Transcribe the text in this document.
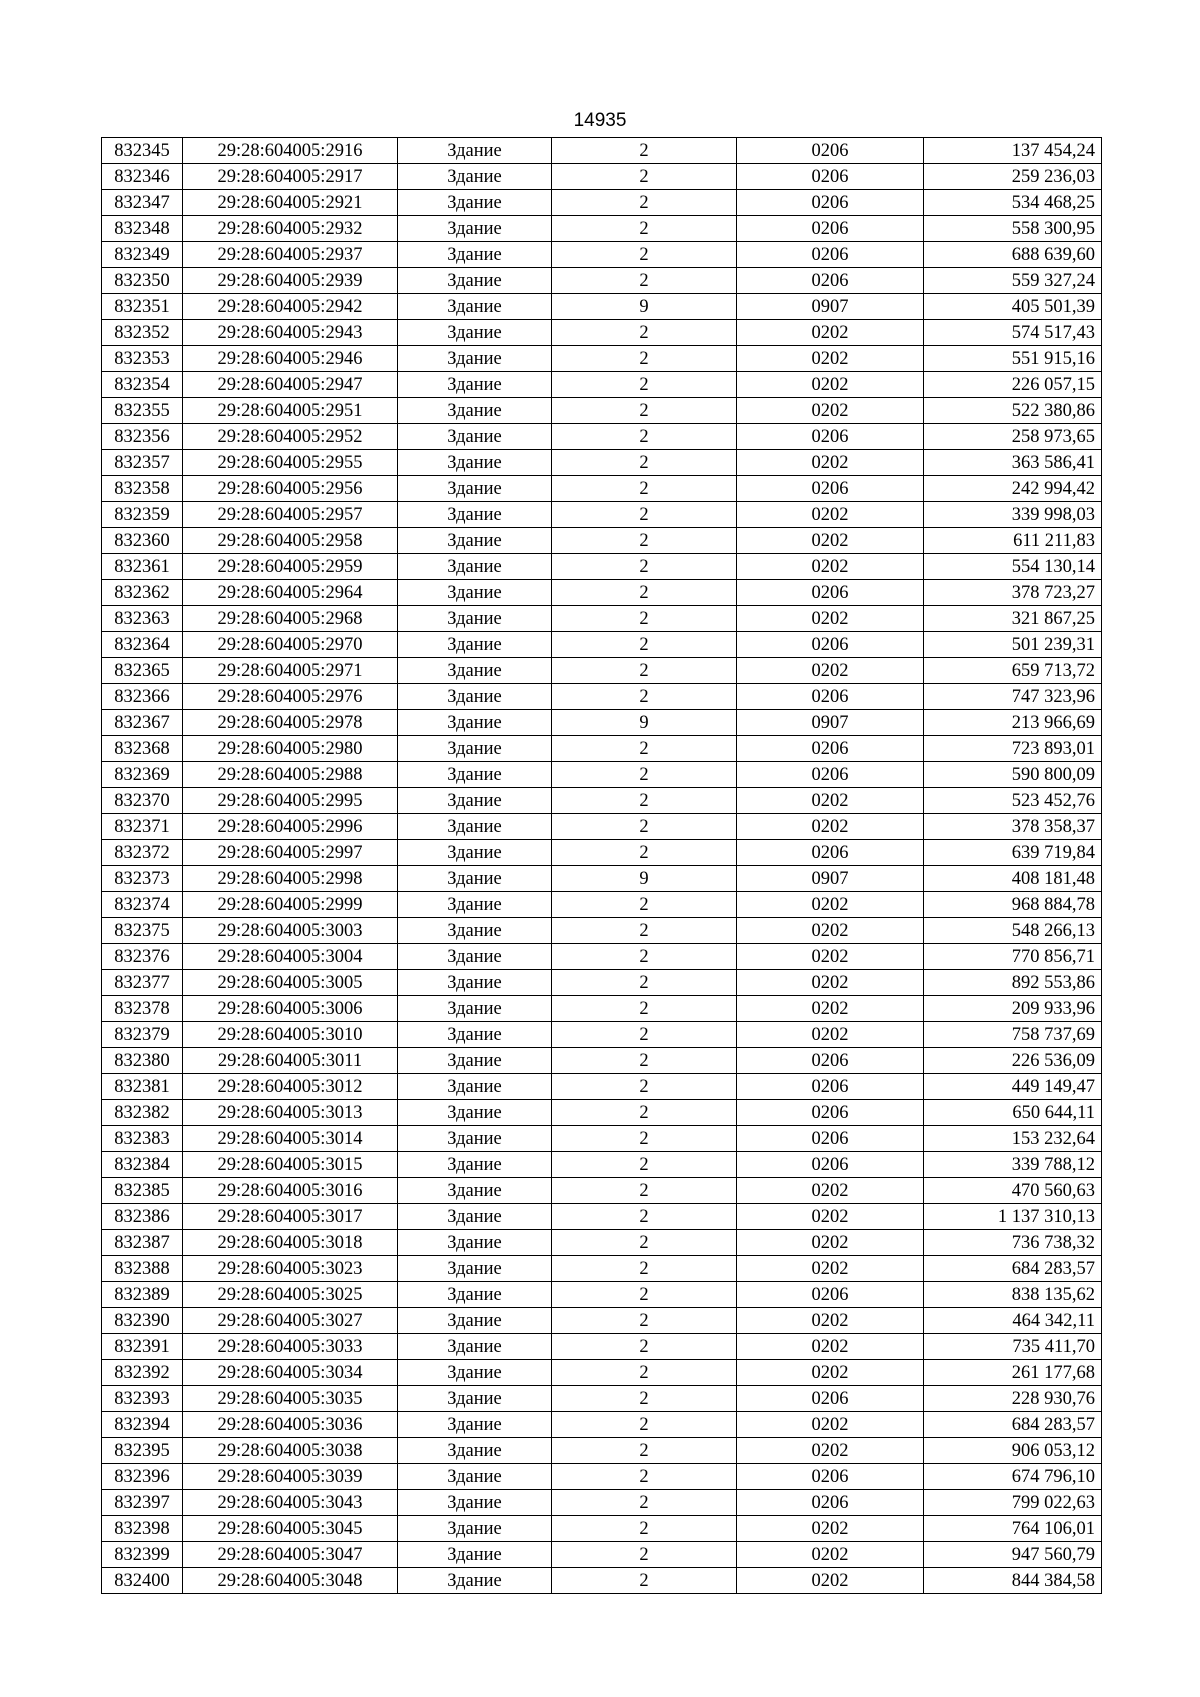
14935
832345	29:28:604005:2916	Здание	2	0206	137 454,24
832346	29:28:604005:2917	Здание	2	0206	259 236,03
832347	29:28:604005:2921	Здание	2	0206	534 468,25
832348	29:28:604005:2932	Здание	2	0206	558 300,95
832349	29:28:604005:2937	Здание	2	0206	688 639,60
832350	29:28:604005:2939	Здание	2	0206	559 327,24
832351	29:28:604005:2942	Здание	9	0907	405 501,39
832352	29:28:604005:2943	Здание	2	0202	574 517,43
832353	29:28:604005:2946	Здание	2	0202	551 915,16
832354	29:28:604005:2947	Здание	2	0202	226 057,15
832355	29:28:604005:2951	Здание	2	0202	522 380,86
832356	29:28:604005:2952	Здание	2	0206	258 973,65
832357	29:28:604005:2955	Здание	2	0202	363 586,41
832358	29:28:604005:2956	Здание	2	0206	242 994,42
832359	29:28:604005:2957	Здание	2	0202	339 998,03
832360	29:28:604005:2958	Здание	2	0202	611 211,83
832361	29:28:604005:2959	Здание	2	0202	554 130,14
832362	29:28:604005:2964	Здание	2	0206	378 723,27
832363	29:28:604005:2968	Здание	2	0202	321 867,25
832364	29:28:604005:2970	Здание	2	0206	501 239,31
832365	29:28:604005:2971	Здание	2	0202	659 713,72
832366	29:28:604005:2976	Здание	2	0206	747 323,96
832367	29:28:604005:2978	Здание	9	0907	213 966,69
832368	29:28:604005:2980	Здание	2	0206	723 893,01
832369	29:28:604005:2988	Здание	2	0206	590 800,09
832370	29:28:604005:2995	Здание	2	0202	523 452,76
832371	29:28:604005:2996	Здание	2	0202	378 358,37
832372	29:28:604005:2997	Здание	2	0206	639 719,84
832373	29:28:604005:2998	Здание	9	0907	408 181,48
832374	29:28:604005:2999	Здание	2	0202	968 884,78
832375	29:28:604005:3003	Здание	2	0202	548 266,13
832376	29:28:604005:3004	Здание	2	0202	770 856,71
832377	29:28:604005:3005	Здание	2	0202	892 553,86
832378	29:28:604005:3006	Здание	2	0202	209 933,96
832379	29:28:604005:3010	Здание	2	0202	758 737,69
832380	29:28:604005:3011	Здание	2	0206	226 536,09
832381	29:28:604005:3012	Здание	2	0206	449 149,47
832382	29:28:604005:3013	Здание	2	0206	650 644,11
832383	29:28:604005:3014	Здание	2	0206	153 232,64
832384	29:28:604005:3015	Здание	2	0206	339 788,12
832385	29:28:604005:3016	Здание	2	0202	470 560,63
832386	29:28:604005:3017	Здание	2	0202	1 137 310,13
832387	29:28:604005:3018	Здание	2	0202	736 738,32
832388	29:28:604005:3023	Здание	2	0202	684 283,57
832389	29:28:604005:3025	Здание	2	0206	838 135,62
832390	29:28:604005:3027	Здание	2	0202	464 342,11
832391	29:28:604005:3033	Здание	2	0202	735 411,70
832392	29:28:604005:3034	Здание	2	0202	261 177,68
832393	29:28:604005:3035	Здание	2	0206	228 930,76
832394	29:28:604005:3036	Здание	2	0202	684 283,57
832395	29:28:604005:3038	Здание	2	0202	906 053,12
832396	29:28:604005:3039	Здание	2	0206	674 796,10
832397	29:28:604005:3043	Здание	2	0206	799 022,63
832398	29:28:604005:3045	Здание	2	0202	764 106,01
832399	29:28:604005:3047	Здание	2	0202	947 560,79
832400	29:28:604005:3048	Здание	2	0202	844 384,58
